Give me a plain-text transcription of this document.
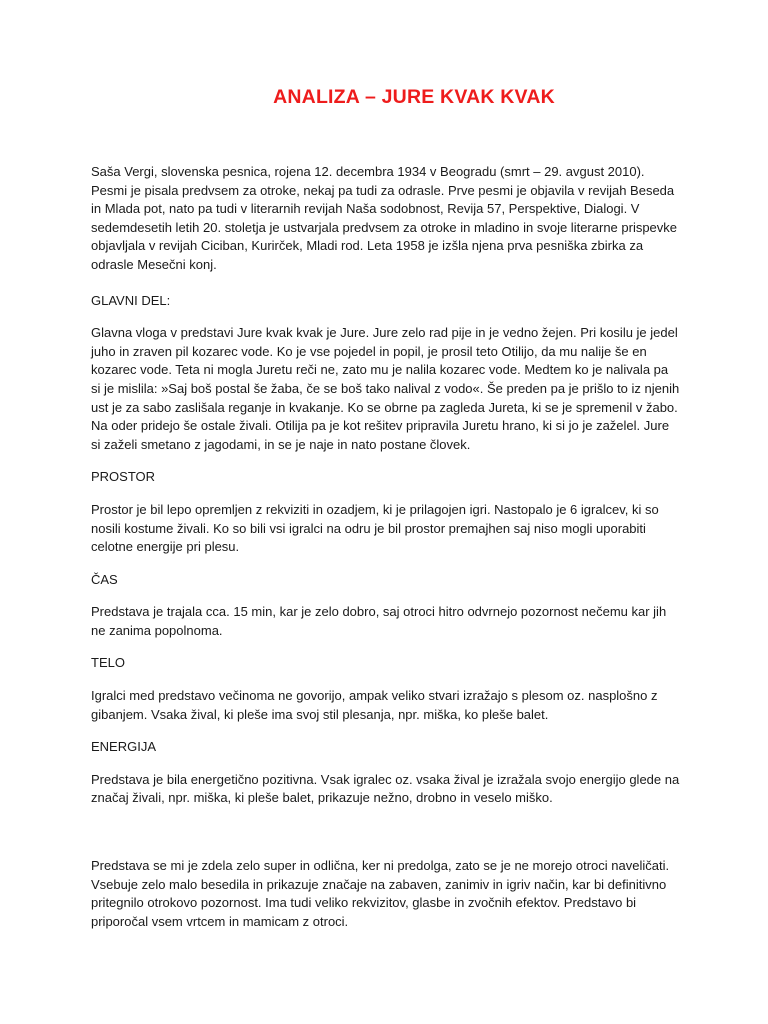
ANALIZA – JURE KVAK KVAK

Saša Vergi, slovenska pesnica, rojena 12. decembra 1934 v Beogradu (smrt – 29. avgust 2010). Pesmi je pisala predvsem za otroke, nekaj pa tudi za odrasle. Prve pesmi je objavila v revijah Beseda in Mlada pot, nato pa tudi v literarnih revijah Naša sodobnost, Revija 57, Perspektive, Dialogi. V sedemdesetih letih 20. stoletja je ustvarjala predvsem za otroke in mladino in svoje literarne prispevke objavljala v revijah Ciciban, Kurirček, Mladi rod. Leta 1958 je izšla njena prva pesniška zbirka za odrasle Mesečni konj.

GLAVNI DEL:

Glavna vloga v predstavi Jure kvak kvak je Jure. Jure zelo rad pije in je vedno žejen. Pri kosilu je jedel juho in zraven pil kozarec vode. Ko je vse pojedel in popil, je prosil teto Otilijo, da mu nalije še en kozarec vode. Teta ni mogla Juretu reči ne, zato mu je nalila kozarec vode. Medtem ko je nalivala pa si je mislila: »Saj boš postal še žaba, če se boš tako nalival z vodo«. Še preden pa je prišlo to iz njenih ust je za sabo zaslišala reganje in kvakanje. Ko se obrne pa zagleda Jureta, ki se je spremenil v žabo. Na oder pridejo še ostale živali. Otilija pa je kot rešitev pripravila Juretu hrano, ki si jo je zaželel. Jure si zaželi smetano z jagodami, in se je naje in nato postane človek.

PROSTOR

Prostor je bil lepo opremljen z rekviziti in ozadjem, ki je prilagojen igri. Nastopalo je 6 igralcev, ki so nosili kostume živali. Ko so bili vsi igralci na odru je bil prostor premajhen saj niso mogli uporabiti celotne energije pri plesu.

ČAS

Predstava je trajala cca. 15 min, kar je zelo dobro, saj otroci hitro odvrnejo pozornost nečemu kar jih ne zanima popolnoma.

TELO

Igralci med predstavo večinoma ne govorijo, ampak veliko stvari izražajo s plesom oz. nasplošno z gibanjem. Vsaka žival, ki pleše ima svoj stil plesanja, npr. miška, ko pleše balet.

ENERGIJA

Predstava je bila energetično pozitivna. Vsak igralec oz. vsaka žival je izražala svojo energijo glede na značaj živali, npr. miška, ki pleše balet, prikazuje nežno, drobno in veselo miško.

Predstava se mi je zdela zelo super in odlična, ker ni predolga, zato se je ne morejo otroci naveličati. Vsebuje zelo malo besedila in prikazuje značaje na zabaven, zanimiv in igriv način, kar bi definitivno pritegnilo otrokovo pozornost. Ima tudi veliko rekvizitov, glasbe in zvočnih efektov. Predstavo bi priporočal vsem vrtcem in mamicam z otroci.
